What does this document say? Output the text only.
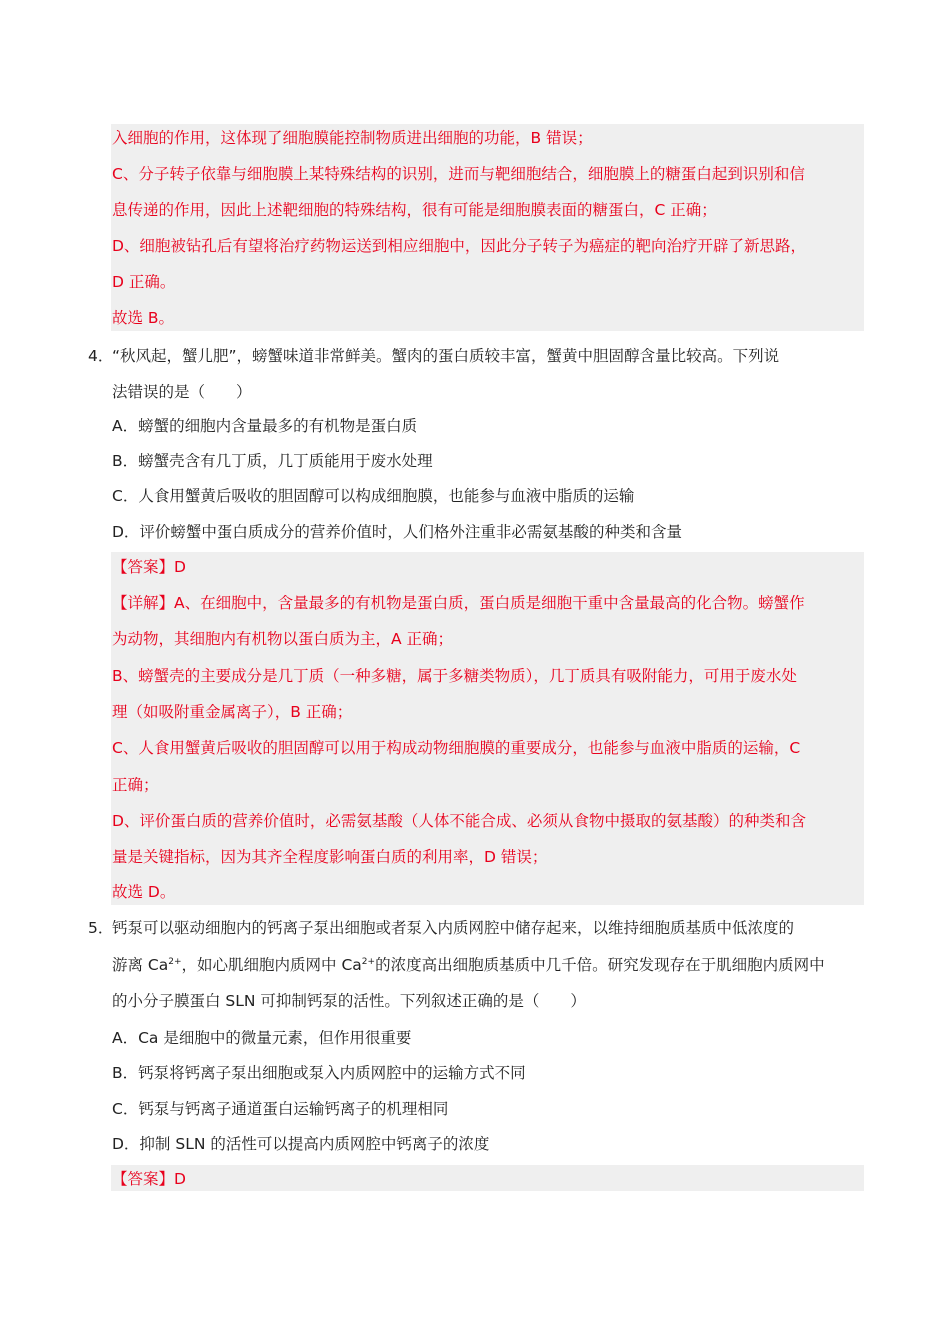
入细胞的作用，这体现了细胞膜能控制物质进出细胞的功能，B 错误；
C、分子转子依靠与细胞膜上某特殊结构的识别，进而与靶细胞结合，细胞膜上的糖蛋白起到识别和信
息传递的作用，因此上述靶细胞的特殊结构，很有可能是细胞膜表面的糖蛋白，C 正确；
D、细胞被钻孔后有望将治疗药物运送到相应细胞中，因此分子转子为癌症的靶向治疗开辟了新思路，
D 正确。
故选 B。
4．
“秋风起，蟹儿肥”，螃蟹味道非常鲜美。蟹肉的蛋白质较丰富，蟹黄中胆固醇含量比较高。下列说
法错误的是（　　）
A．螃蟹的细胞内含量最多的有机物是蛋白质
B．螃蟹壳含有几丁质，几丁质能用于废水处理
C．人食用蟹黄后吸收的胆固醇可以构成细胞膜，也能参与血液中脂质的运输
D．评价螃蟹中蛋白质成分的营养价值时，人们格外注重非必需氨基酸的种类和含量
【答案】D
【详解】A、在细胞中，含量最多的有机物是蛋白质，蛋白质是细胞干重中含量最高的化合物。螃蟹作
为动物，其细胞内有机物以蛋白质为主，A 正确；
B、螃蟹壳的主要成分是几丁质（一种多糖，属于多糖类物质），几丁质具有吸附能力，可用于废水处
理（如吸附重金属离子），B 正确；
C、人食用蟹黄后吸收的胆固醇可以用于构成动物细胞膜的重要成分，也能参与血液中脂质的运输，C
正确；
D、评价蛋白质的营养价值时，必需氨基酸（人体不能合成、必须从食物中摄取的氨基酸）的种类和含
量是关键指标，因为其齐全程度影响蛋白质的利用率，D 错误；
故选 D。
5．
钙泵可以驱动细胞内的钙离子泵出细胞或者泵入内质网腔中储存起来，以维持细胞质基质中低浓度的
游离 $Ca^{2+}$，如心肌细胞内质网中 $Ca^{2+}$的浓度高出细胞质基质中几千倍。研究发现存在于肌细胞内质网中
的小分子膜蛋白 SLN 可抑制钙泵的活性。下列叙述正确的是（　　）
A．Ca 是细胞中的微量元素，但作用很重要
B．钙泵将钙离子泵出细胞或泵入内质网腔中的运输方式不同
C．钙泵与钙离子通道蛋白运输钙离子的机理相同
D．抑制 SLN 的活性可以提高内质网腔中钙离子的浓度
【答案】D
